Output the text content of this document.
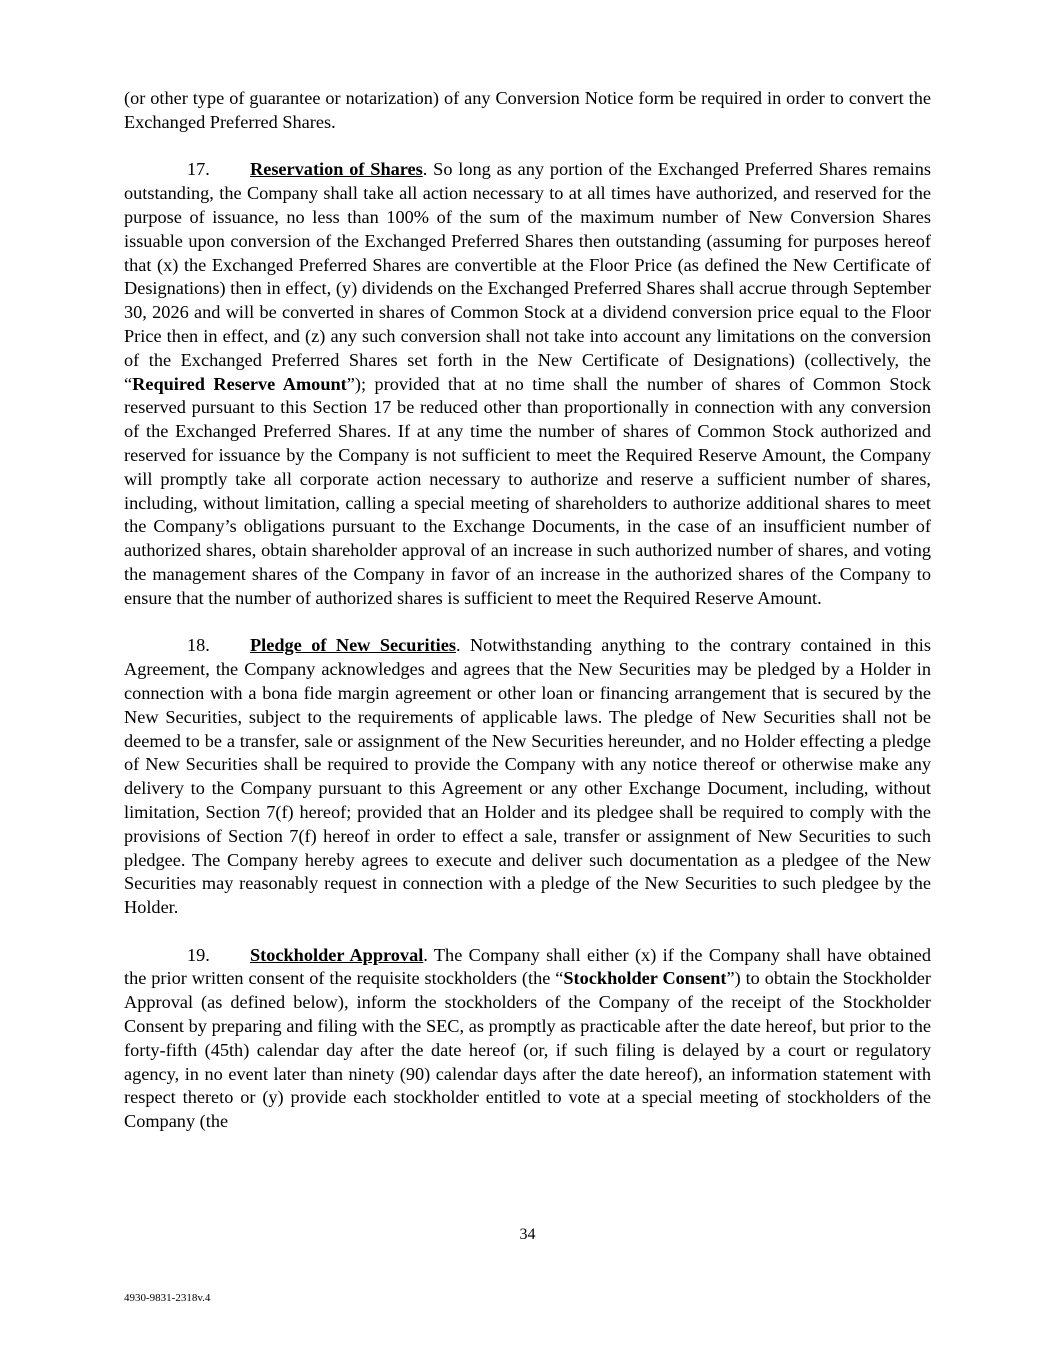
(or other type of guarantee or notarization) of any Conversion Notice form be required in order to convert the Exchanged Preferred Shares.

17. Reservation of Shares. So long as any portion of the Exchanged Preferred Shares remains outstanding, the Company shall take all action necessary to at all times have authorized, and reserved for the purpose of issuance, no less than 100% of the sum of the maximum number of New Conversion Shares issuable upon conversion of the Exchanged Preferred Shares then outstanding (assuming for purposes hereof that (x) the Exchanged Preferred Shares are convertible at the Floor Price (as defined the New Certificate of Designations) then in effect, (y) dividends on the Exchanged Preferred Shares shall accrue through September 30, 2026 and will be converted in shares of Common Stock at a dividend conversion price equal to the Floor Price then in effect, and (z) any such conversion shall not take into account any limitations on the conversion of the Exchanged Preferred Shares set forth in the New Certificate of Designations) (collectively, the “Required Reserve Amount”); provided that at no time shall the number of shares of Common Stock reserved pursuant to this Section 17 be reduced other than proportionally in connection with any conversion of the Exchanged Preferred Shares. If at any time the number of shares of Common Stock authorized and reserved for issuance by the Company is not sufficient to meet the Required Reserve Amount, the Company will promptly take all corporate action necessary to authorize and reserve a sufficient number of shares, including, without limitation, calling a special meeting of shareholders to authorize additional shares to meet the Company’s obligations pursuant to the Exchange Documents, in the case of an insufficient number of authorized shares, obtain shareholder approval of an increase in such authorized number of shares, and voting the management shares of the Company in favor of an increase in the authorized shares of the Company to ensure that the number of authorized shares is sufficient to meet the Required Reserve Amount.

18. Pledge of New Securities. Notwithstanding anything to the contrary contained in this Agreement, the Company acknowledges and agrees that the New Securities may be pledged by a Holder in connection with a bona fide margin agreement or other loan or financing arrangement that is secured by the New Securities, subject to the requirements of applicable laws. The pledge of New Securities shall not be deemed to be a transfer, sale or assignment of the New Securities hereunder, and no Holder effecting a pledge of New Securities shall be required to provide the Company with any notice thereof or otherwise make any delivery to the Company pursuant to this Agreement or any other Exchange Document, including, without limitation, Section 7(f) hereof; provided that an Holder and its pledgee shall be required to comply with the provisions of Section 7(f) hereof in order to effect a sale, transfer or assignment of New Securities to such pledgee. The Company hereby agrees to execute and deliver such documentation as a pledgee of the New Securities may reasonably request in connection with a pledge of the New Securities to such pledgee by the Holder.

19. Stockholder Approval. The Company shall either (x) if the Company shall have obtained the prior written consent of the requisite stockholders (the “Stockholder Consent”) to obtain the Stockholder Approval (as defined below), inform the stockholders of the Company of the receipt of the Stockholder Consent by preparing and filing with the SEC, as promptly as practicable after the date hereof, but prior to the forty-fifth (45th) calendar day after the date hereof (or, if such filing is delayed by a court or regulatory agency, in no event later than ninety (90) calendar days after the date hereof), an information statement with respect thereto or (y) provide each stockholder entitled to vote at a special meeting of stockholders of the Company (the

34
4930-9831-2318v.4
